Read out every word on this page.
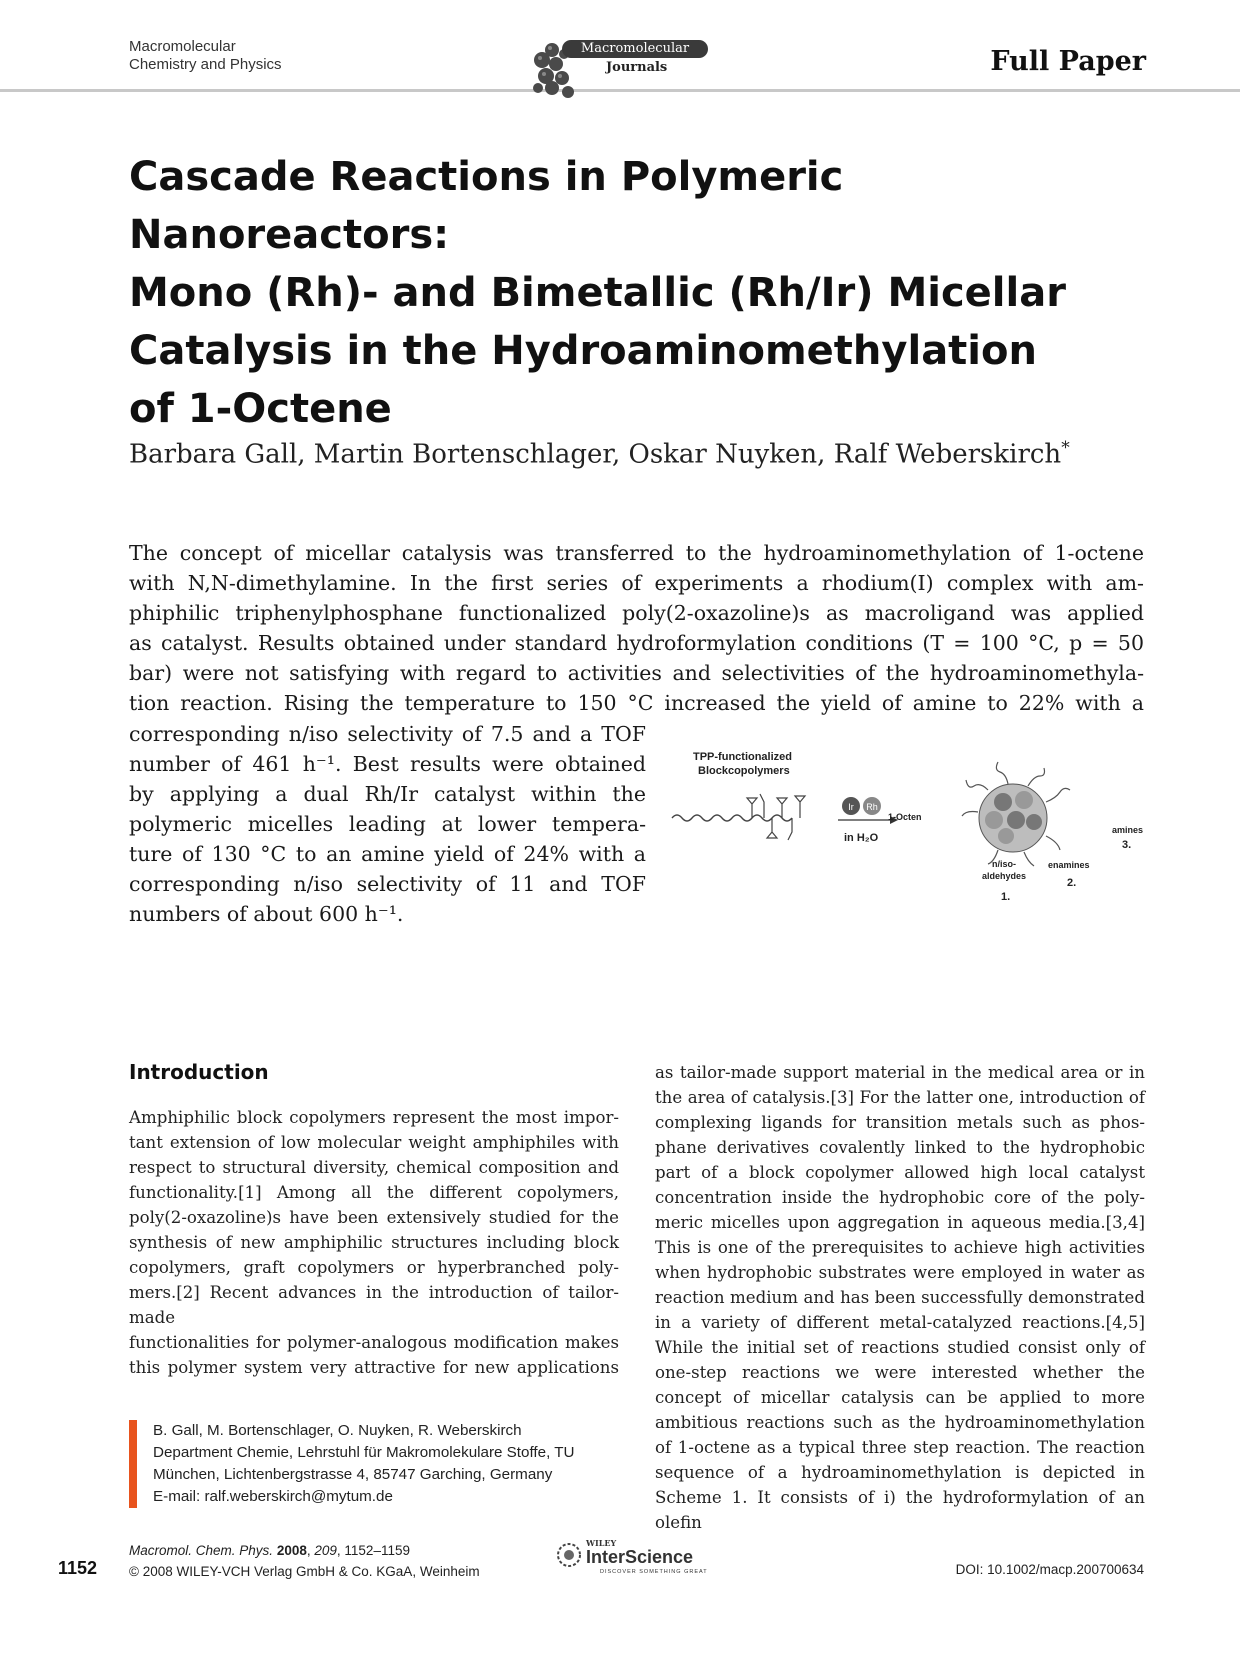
Macromolecular
Chemistry and Physics
Macromolecular
Journals	Full Paper
Cascade Reactions in Polymeric Nanoreactors:
Mono (Rh)- and Bimetallic (Rh/Ir) Micellar
Catalysis in the Hydroaminomethylation
of 1-Octene
Barbara Gall, Martin Bortenschlager, Oskar Nuyken, Ralf Weberskirch*
The concept of micellar catalysis was transferred to the hydroaminomethylation of 1-octene
with N,N-dimethylamine. In the first series of experiments a rhodium(I) complex with am-
phiphilic triphenylphosphane functionalized poly(2-oxazoline)s as macroligand was applied
as catalyst. Results obtained under standard hydroformylation conditions (T = 100 °C, p = 50
bar) were not satisfying with regard to activities and selectivities of the hydroaminomethyla-
tion reaction. Rising the temperature to 150 °C increased the yield of amine to 22% with a
corresponding n/iso selectivity of 7.5 and a TOF
number of 461 h⁻¹. Best results were obtained
by applying a dual Rh/Ir catalyst within the
polymeric micelles leading at lower tempera-
ture of 130 °C to an amine yield of 24% with a
corresponding n/iso selectivity of 11 and TOF
numbers of about 600 h⁻¹.
TPP-functionalized
Blockcopolymers
Ir Rh
in H₂O
1-Octen
amines
3.
n/iso-
aldehydes
1.
enamines
2.
Introduction
Amphiphilic block copolymers represent the most impor-
tant extension of low molecular weight amphiphiles with
respect to structural diversity, chemical composition and
functionality.[1] Among all the different copolymers,
poly(2-oxazoline)s have been extensively studied for the
synthesis of new amphiphilic structures including block
copolymers, graft copolymers or hyperbranched poly-
mers.[2] Recent advances in the introduction of tailor-made
functionalities for polymer-analogous modification makes
this polymer system very attractive for new applications
B. Gall, M. Bortenschlager, O. Nuyken, R. Weberskirch
Department Chemie, Lehrstuhl für Makromolekulare Stoffe, TU
München, Lichtenbergstrasse 4, 85747 Garching, Germany
E-mail: ralf.weberskirch@mytum.de
as tailor-made support material in the medical area or in
the area of catalysis.[3] For the latter one, introduction of
complexing ligands for transition metals such as phos-
phane derivatives covalently linked to the hydrophobic
part of a block copolymer allowed high local catalyst
concentration inside the hydrophobic core of the poly-
meric micelles upon aggregation in aqueous media.[3,4]
This is one of the prerequisites to achieve high activities
when hydrophobic substrates were employed in water as
reaction medium and has been successfully demonstrated
in a variety of different metal-catalyzed reactions.[4,5]
While the initial set of reactions studied consist only of
one-step reactions we were interested whether the
concept of micellar catalysis can be applied to more
ambitious reactions such as the hydroaminomethylation
of 1-octene as a typical three step reaction. The reaction
sequence of a hydroaminomethylation is depicted in
Scheme 1. It consists of i) the hydroformylation of an olefin
1152
Macromol. Chem. Phys. 2008, 209, 1152–1159
© 2008 WILEY-VCH Verlag GmbH & Co. KGaA, Weinheim
WILEY
InterScience
DISCOVER SOMETHING GREAT	DOI: 10.1002/macp.200700634
